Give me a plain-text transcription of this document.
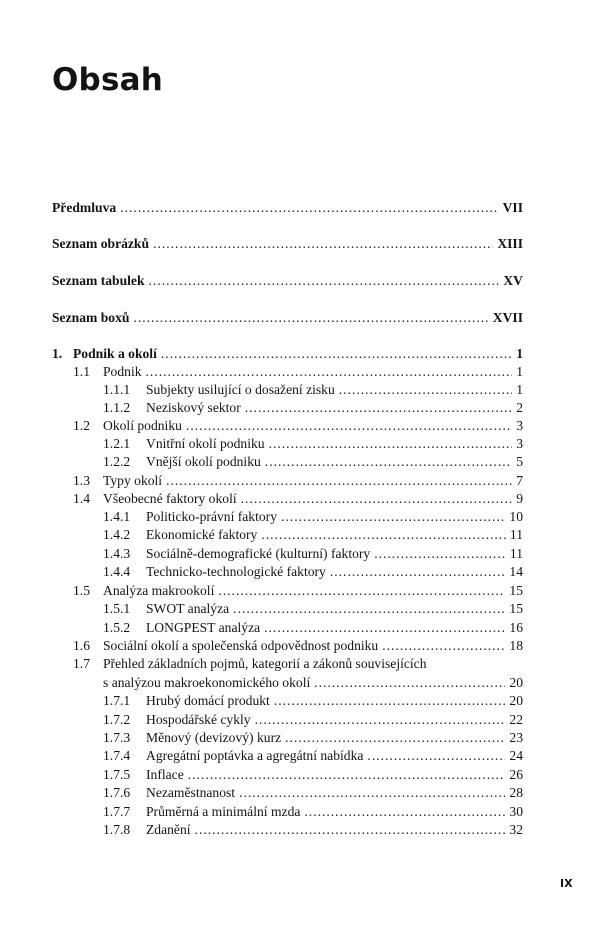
Obsah
Předmluva . . .	VII
Seznam obrázků . . .	XIII
Seznam tabulek . . .	XV
Seznam boxů . . .	XVII
1. Podnik a okolí . . .	1
1.1 Podnik . . .	1
1.1.1	Subjekty usilující o dosažení zisku . . .	1
1.1.2	Neziskový sektor . . .	2
1.2 Okolí podniku . . .	3
1.2.1	Vnitřní okolí podniku . . .	3
1.2.2	Vnější okolí podniku . . .	5
1.3 Typy okolí . . .	7
1.4 Všeobecné faktory okolí . . .	9
1.4.1	Politicko-právní faktory . . .	10
1.4.2	Ekonomické faktory . . .	11
1.4.3	Sociálně-demografické (kulturní) faktory . . .	11
1.4.4	Technicko-technologické faktory . . .	14
1.5 Analýza makrookolí . . .	15
1.5.1	SWOT analýza . . .	15
1.5.2	LONGPEST analýza . . .	16
1.6 Sociální okolí a společenská odpovědnost podniku . . .	18
1.7 Přehled základních pojmů, kategorií a zákonů souvisejících
s analýzou makroekonomického okolí . . .	20
1.7.1	Hrubý domácí produkt . . .	20
1.7.2	Hospodářské cykly . . .	22
1.7.3	Měnový (devizový) kurz . . .	23
1.7.4	Agregátní poptávka a agregátní nabídka . . .	24
1.7.5	Inflace . . .	26
1.7.6	Nezaměstnanost . . .	28
1.7.7	Průměrná a minimální mzda . . .	30
1.7.8	Zdanění . . .	32
IX
